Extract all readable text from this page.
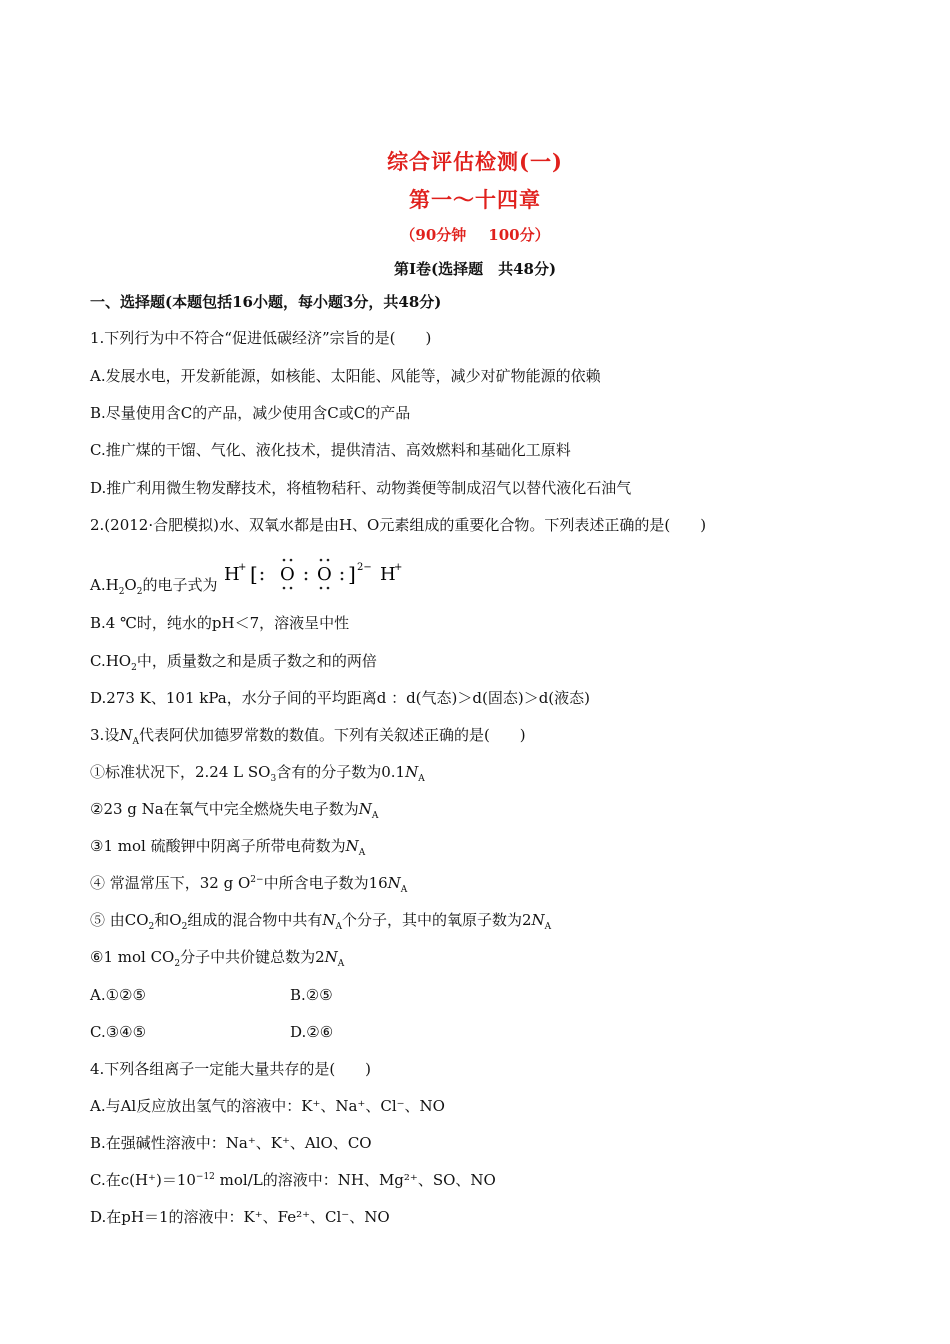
综合评估检测(一)
第一～十四章
（90分钟 100分）
第Ⅰ卷(选择题　共48分)
一、选择题(本题包括16小题，每小题3分，共48分)
1.下列行为中不符合“促进低碳经济”宗旨的是(　　)
A.发展水电，开发新能源，如核能、太阳能、风能等，减少对矿物能源的依赖
B.尽量使用含C的产品，减少使用含C或C的产品
C.推广煤的干馏、气化、液化技术，提供清洁、高效燃料和基础化工原料
D.推广利用微生物发酵技术，将植物秸秆、动物粪便等制成沼气以替代液化石油气
2.(2012·合肥模拟)水、双氧水都是由H、O元素组成的重要化合物。下列表述正确的是(　　)
$A.H_2O_2$的电子式为 H
+ [ O O ] 2− H
+
B.4 ℃时，纯水的pH＜7，溶液呈中性
$C.HO_2$中，质量数之和是质子数之和的两倍
D.273 K、101 kPa，水分子间的平均距离d ：d(气态)＞d(固态)＞d(液态)
3.设$N_A$代表阿伏加德罗常数的数值。下列有关叙述正确的是(　　)
①标准状况下，2.24 L $SO_3$含有的分子数为$0.1N_A$
②23 g Na在氧气中完全燃烧失电子数为$N_A$
③1 mol 硫酸钾中阴离子所带电荷数为$N_A$
④ 常温常压下，32 g $O^{2-}$中所含电子数为$16N_A$
⑤ 由$CO_2$和$O_2$组成的混合物中共有$N_A$个分子，其中的氧原子数为$2N_A$
⑥1 mol $CO_2$分子中共价键总数为$2N_A$
A.①②⑤	B.②⑤
C.③④⑤	D.②⑥
4.下列各组离子一定能大量共存的是(　　)
A.与Al反应放出氢气的溶液中：K⁺、Na⁺、Cl⁻、NO
B.在强碱性溶液中：Na⁺、K⁺、AlO、CO
C.在$c(H^+)=10^{-12}$ mol/L的溶液中：NH、Mg²⁺、SO、NO
D.在pH＝1的溶液中：K⁺、Fe²⁺、Cl⁻、NO
